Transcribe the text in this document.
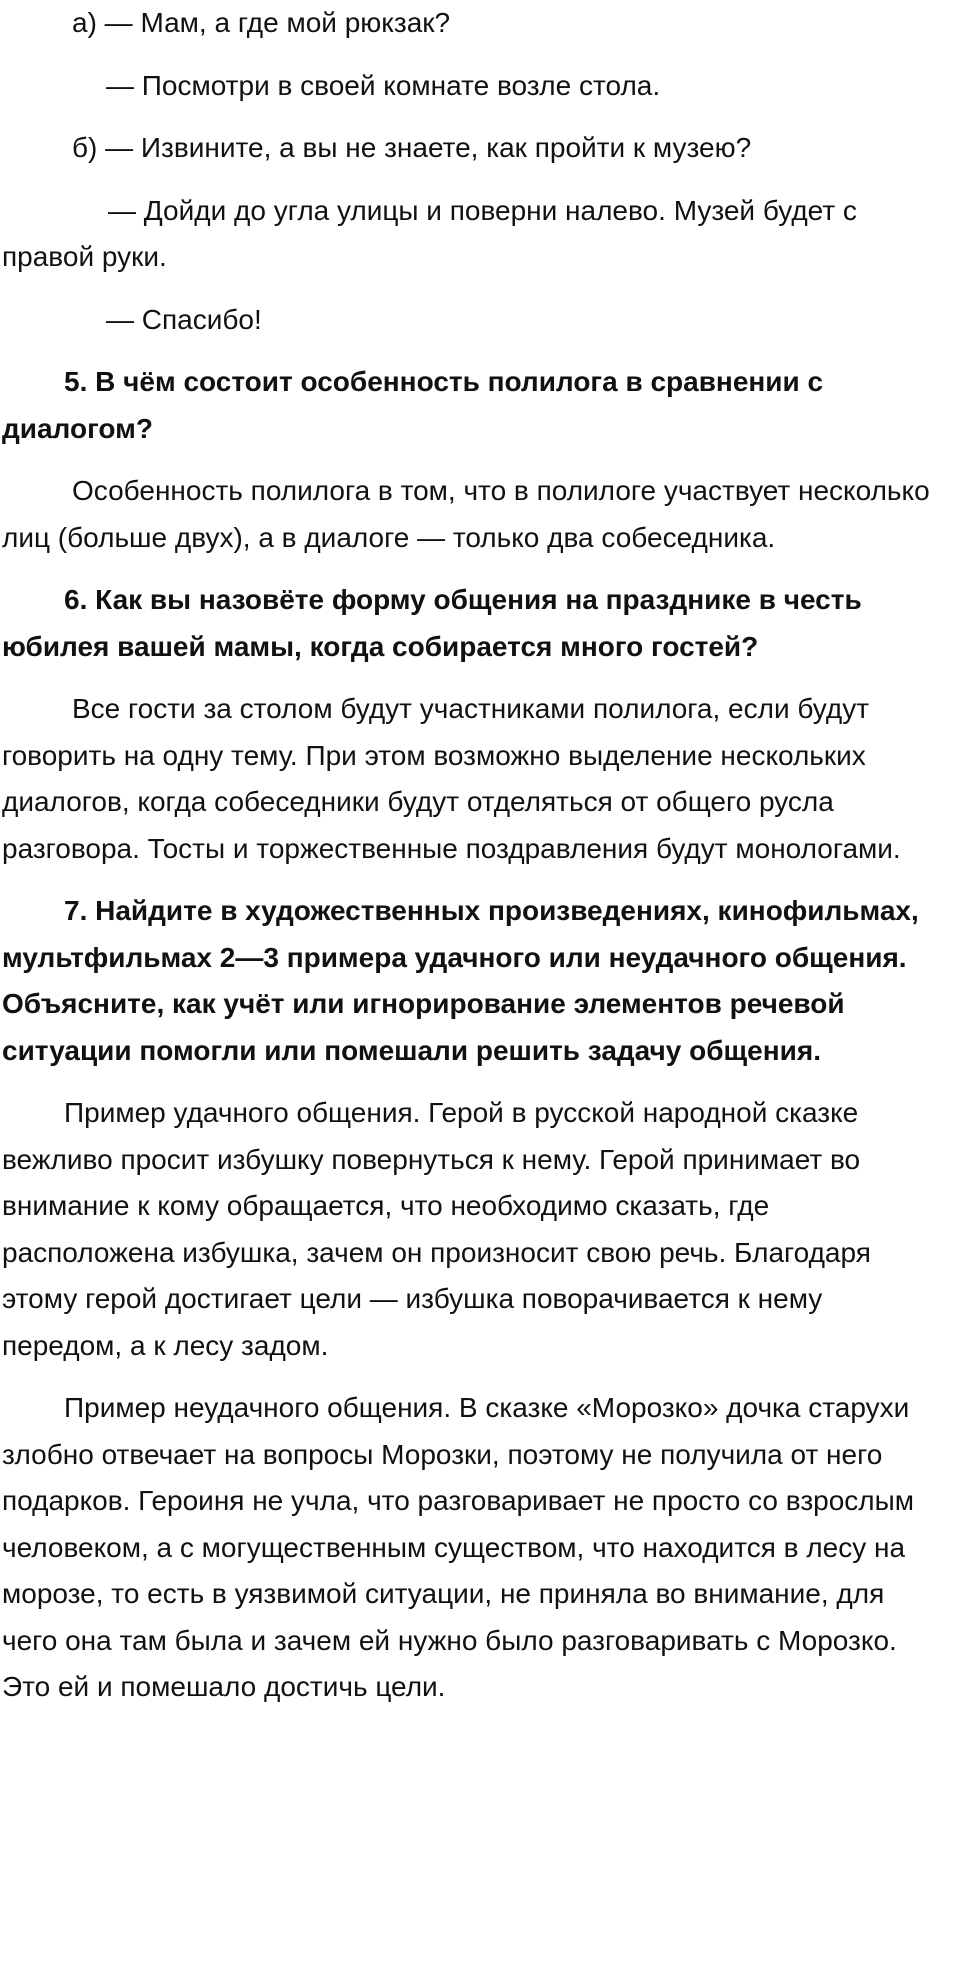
а) — Мам, а где мой рюкзак?

— Посмотри в своей комнате возле стола.

б) — Извините, а вы не знаете, как пройти к музею?

— Дойди до угла улицы и поверни налево. Музей будет с правой руки.

— Спасибо!

5. В чём состоит особенность полилога в сравнении с диалогом?

Особенность полилога в том, что в полилоге участвует несколько лиц (больше двух), а в диалоге — только два собеседника.

6. Как вы назовёте форму общения на празднике в честь юбилея вашей мамы, когда собирается много гостей?

Все гости за столом будут участниками полилога, если будут говорить на одну тему. При этом возможно выделение нескольких диалогов, когда собеседники будут отделяться от общего русла разговора. Тосты и торжественные поздравления будут монологами.

7. Найдите в художественных произведениях, кинофильмах, мультфильмах 2—3 примера удачного или неудачного общения. Объясните, как учёт или игнорирование элементов речевой ситуации помогли или помешали решить задачу общения.

Пример удачного общения. Герой в русской народной сказке вежливо просит избушку повернуться к нему. Герой принимает во внимание к кому обращается, что необходимо сказать, где расположена избушка, зачем он произносит свою речь. Благодаря этому герой достигает цели — избушка поворачивается к нему передом, а к лесу задом.

Пример неудачного общения. В сказке «Морозко» дочка старухи злобно отвечает на вопросы Морозки, поэтому не получила от него подарков. Героиня не учла, что разговаривает не просто со взрослым человеком, а с могущественным существом, что находится в лесу на морозе, то есть в уязвимой ситуации, не приняла во внимание, для чего она там была и зачем ей нужно было разговаривать с Морозко. Это ей и помешало достичь цели.
